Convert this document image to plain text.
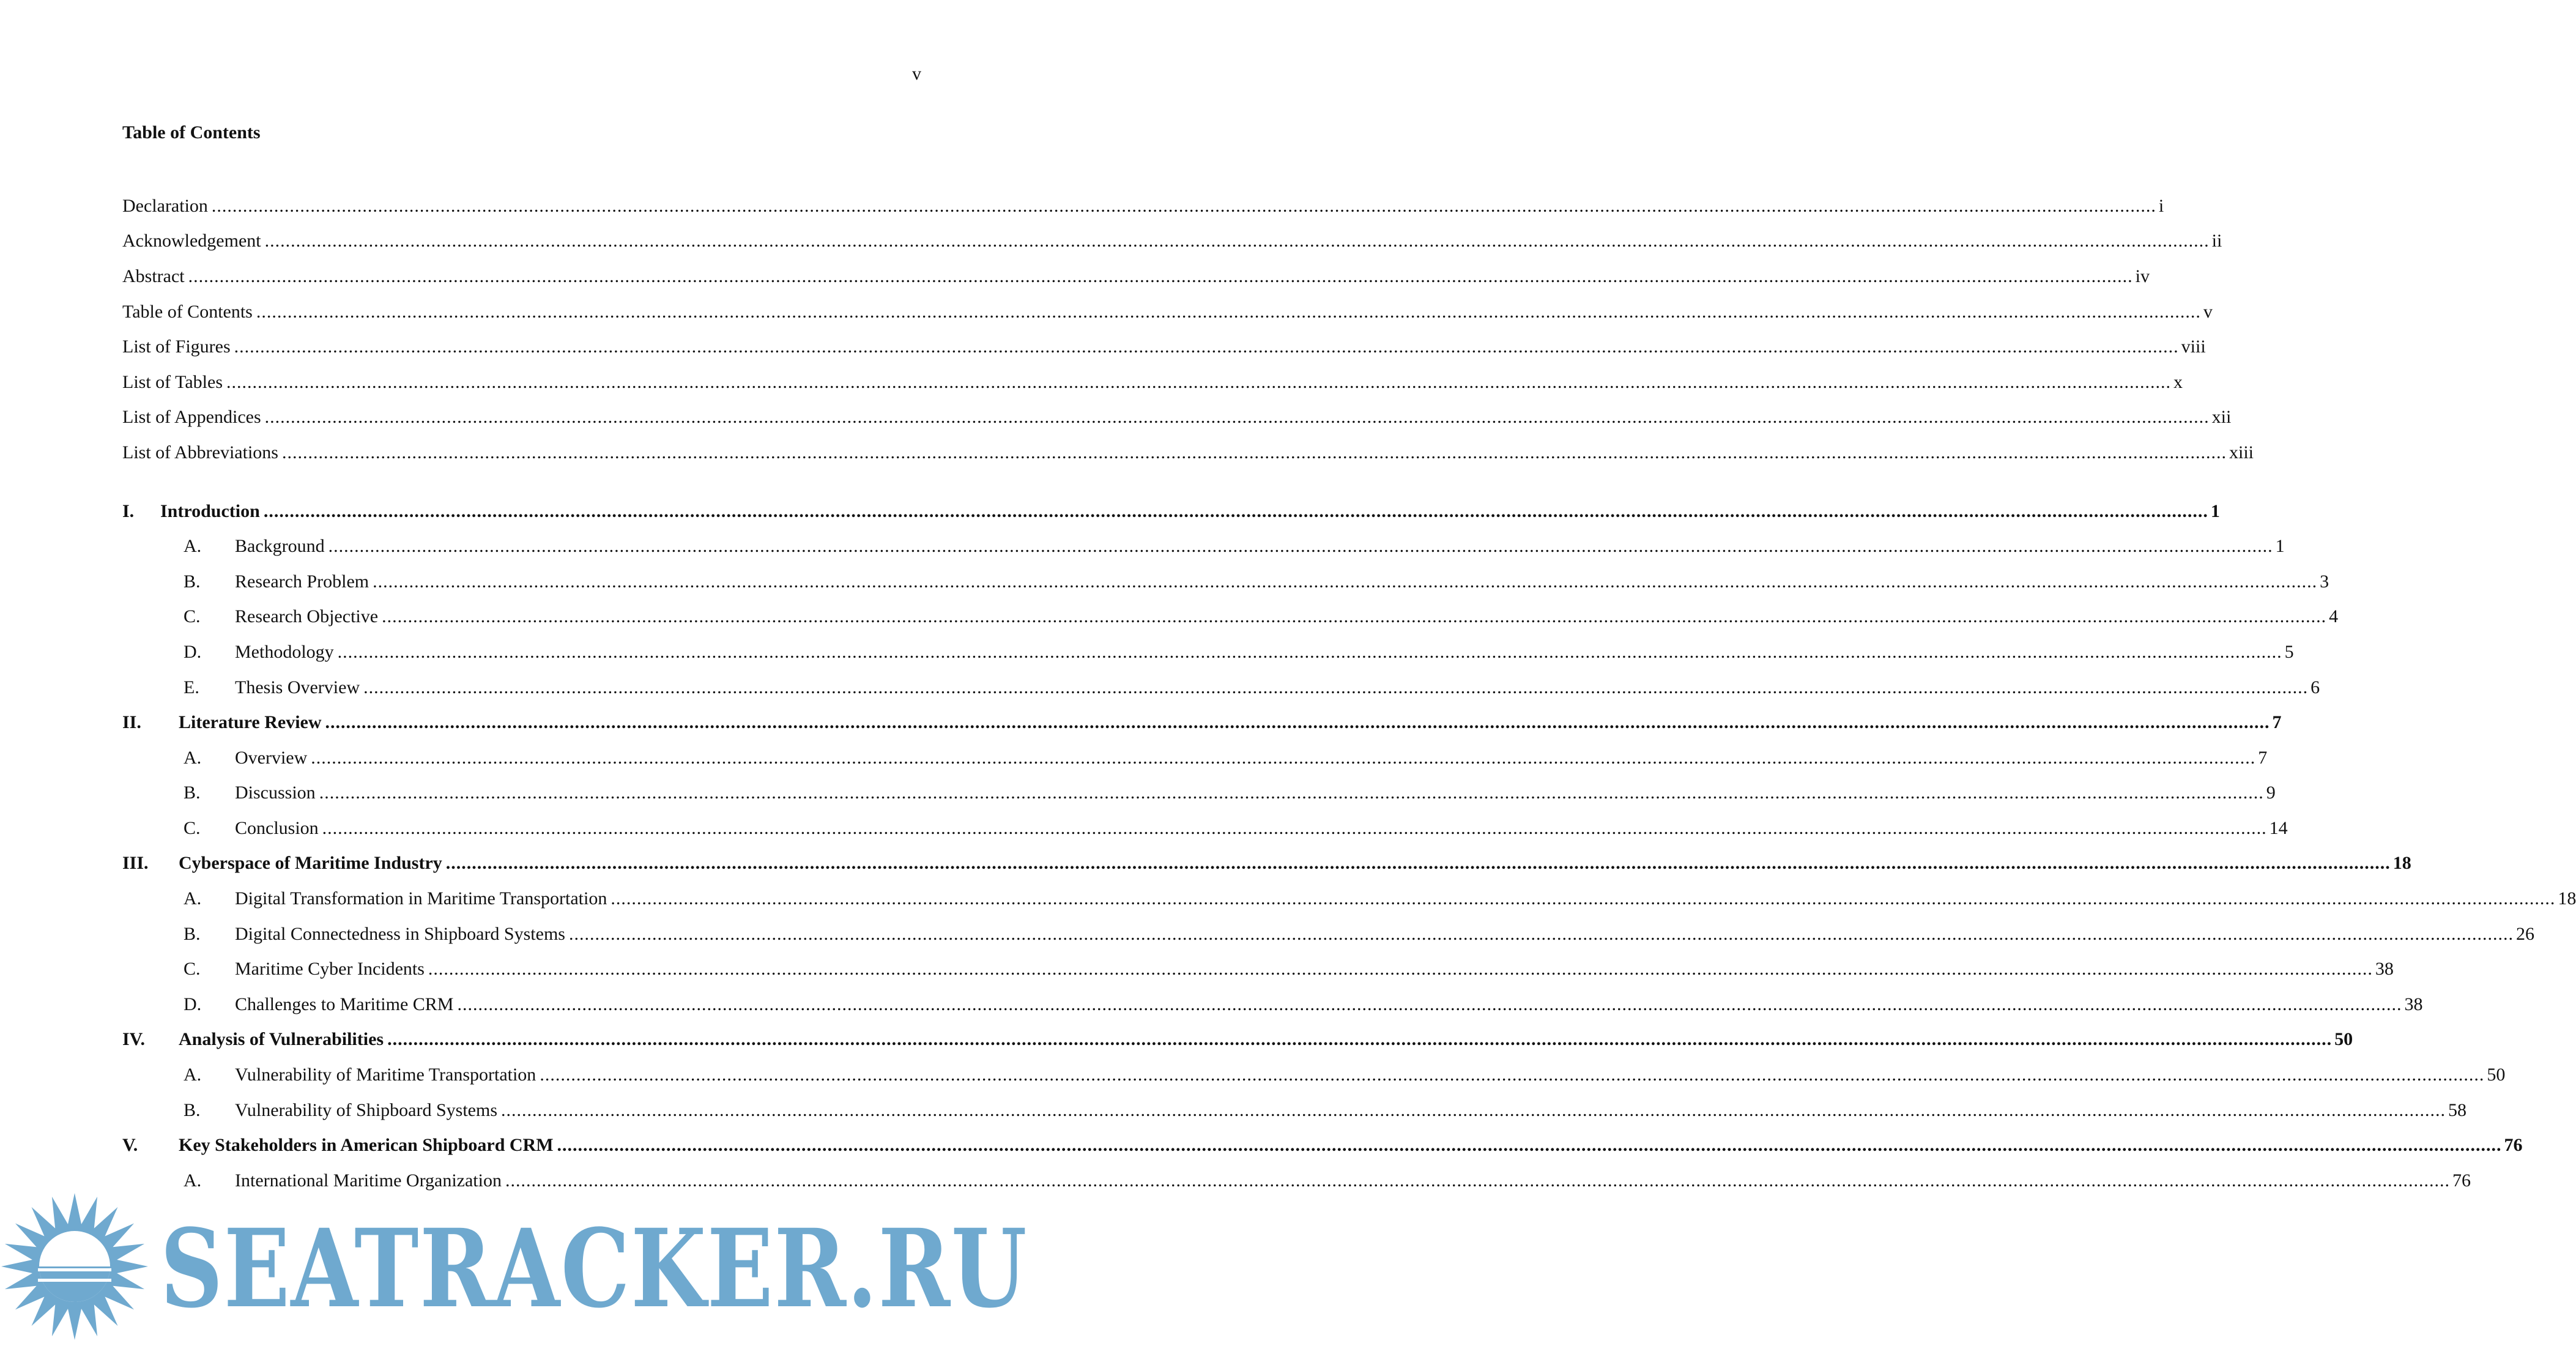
v
Table of Contents
Declaration .....	i
Acknowledgement .....	ii
Abstract .....	iv
Table of Contents .....	v
List of Figures .....	viii
List of Tables .....	x
List of Appendices .....	xii
List of Abbreviations .....	xiii
I.	Introduction .....	1
A.	Background .....	1
B.	Research Problem .....	3
C.	Research Objective .....	4
D.	Methodology .....	5
E.	Thesis Overview .....	6
II.	Literature Review .....	7
A.	Overview .....	7
B.	Discussion .....	9
C.	Conclusion .....	14
III.	Cyberspace of Maritime Industry .....	18
A.	Digital Transformation in Maritime Transportation .....	18
B.	Digital Connectedness in Shipboard Systems .....	26
C.	Maritime Cyber Incidents .....	38
D.	Challenges to Maritime CRM .....	38
IV.	Analysis of Vulnerabilities .....	50
A.	Vulnerability of Maritime Transportation .....	50
B.	Vulnerability of Shipboard Systems .....	58
V.	Key Stakeholders in American Shipboard CRM .....	76
A.	International Maritime Organization .....	76
SEATRACKER.RU
